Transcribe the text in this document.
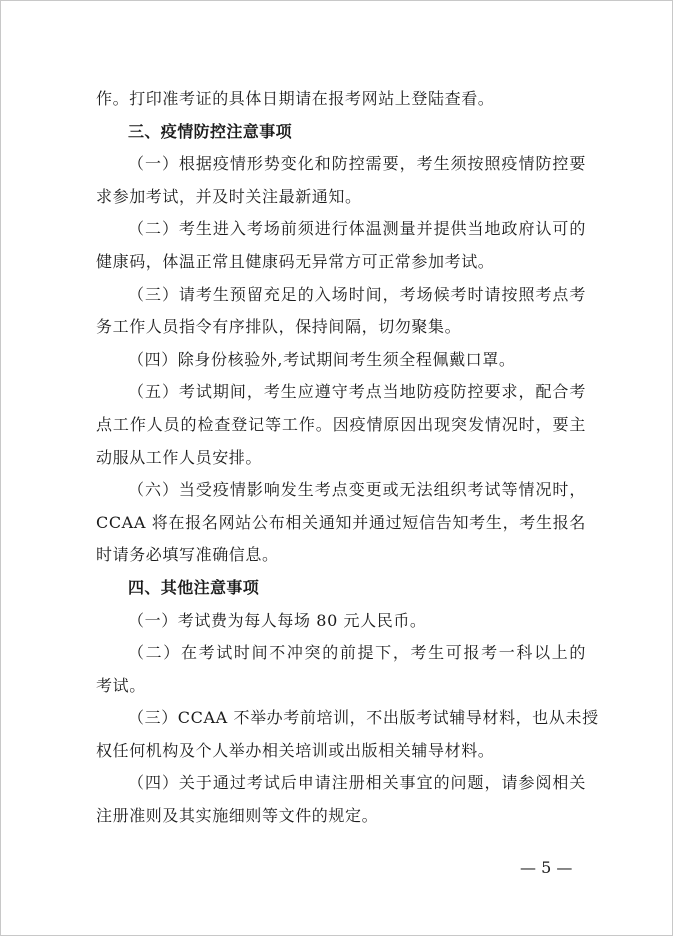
作。打印准考证的具体日期请在报考网站上登陆查看。
三、疫情防控注意事项
（一）根据疫情形势变化和防控需要，考生须按照疫情防控要
求参加考试，并及时关注最新通知。
（二）考生进入考场前须进行体温测量并提供当地政府认可的
健康码，体温正常且健康码无异常方可正常参加考试。
（三）请考生预留充足的入场时间，考场候考时请按照考点考
务工作人员指令有序排队，保持间隔，切勿聚集。
（四）除身份核验外,考试期间考生须全程佩戴口罩。
（五）考试期间，考生应遵守考点当地防疫防控要求，配合考
点工作人员的检查登记等工作。因疫情原因出现突发情况时，要主
动服从工作人员安排。
（六）当受疫情影响发生考点变更或无法组织考试等情况时，
CCAA 将在报名网站公布相关通知并通过短信告知考生，考生报名
时请务必填写准确信息。
四、其他注意事项
（一）考试费为每人每场 80 元人民币。
（二）在考试时间不冲突的前提下，考生可报考一科以上的
考试。
（三）CCAA 不举办考前培训，不出版考试辅导材料，也从未授
权任何机构及个人举办相关培训或出版相关辅导材料。
（四）关于通过考试后申请注册相关事宜的问题，请参阅相关
注册准则及其实施细则等文件的规定。
— 5 —
